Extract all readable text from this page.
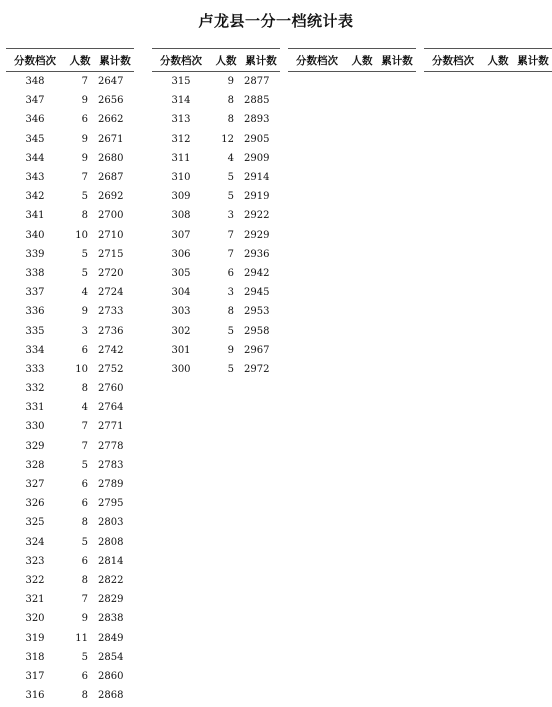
卢龙县一分一档统计表
分数档次	人数 累计数
348	7	2647
347	9	2656
346	6	2662
345	9	2671
344	9	2680
343	7	2687
342	5	2692
341	8	2700
340	10	2710
339	5	2715
338	5	2720
337	4	2724
336	9	2733
335	3	2736
334	6	2742
333	10	2752
332	8	2760
331	4	2764
330	7	2771
329	7	2778
328	5	2783
327	6	2789
326	6	2795
325	8	2803
324	5	2808
323	6	2814
322	8	2822
321	7	2829
320	9	2838
319	11	2849
318	5	2854
317	6	2860
316	8	2868
分数档次	人数 累计数
315	9	2877
314	8	2885
313	8	2893
312	12	2905
311	4	2909
310	5	2914
309	5	2919
308	3	2922
307	7	2929
306	7	2936
305	6	2942
304	3	2945
303	8	2953
302	5	2958
301	9	2967
300	5	2972
分数档次	人数 累计数	分数档次	人数 累计数
